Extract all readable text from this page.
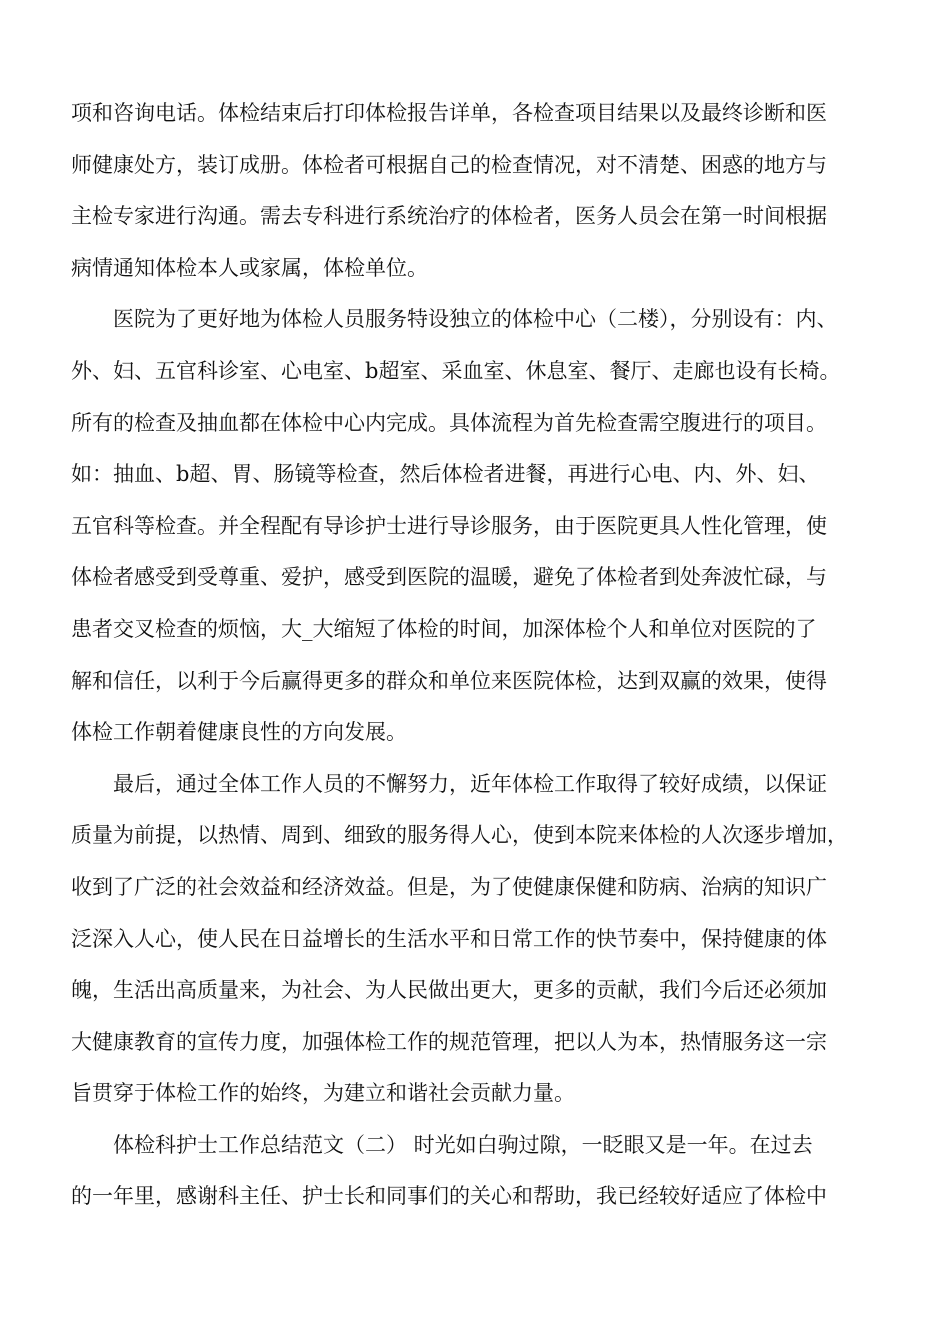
项和咨询电话。体检结束后打印体检报告详单，各检查项目结果以及最终诊断和医
师健康处方，装订成册。体检者可根据自己的检查情况，对不清楚、困惑的地方与
主检专家进行沟通。需去专科进行系统治疗的体检者，医务人员会在第一时间根据
病情通知体检本人或家属，体检单位。
医院为了更好地为体检人员服务特设独立的体检中心（二楼），分别设有：内、
外、妇、五官科诊室、心电室、b超室、采血室、休息室、餐厅、走廊也设有长椅。
所有的检查及抽血都在体检中心内完成。具体流程为首先检查需空腹进行的项目。
如：抽血、b超、胃、肠镜等检查，然后体检者进餐，再进行心电、内、外、妇、
五官科等检查。并全程配有导诊护士进行导诊服务，由于医院更具人性化管理，使
体检者感受到受尊重、爱护，感受到医院的温暖，避免了体检者到处奔波忙碌，与
患者交叉检查的烦恼，大_大缩短了体检的时间，加深体检个人和单位对医院的了
解和信任，以利于今后赢得更多的群众和单位来医院体检，达到双赢的效果，使得
体检工作朝着健康良性的方向发展。
最后，通过全体工作人员的不懈努力，近年体检工作取得了较好成绩，以保证
质量为前提，以热情、周到、细致的服务得人心，使到本院来体检的人次逐步增加，
收到了广泛的社会效益和经济效益。但是，为了使健康保健和防病、治病的知识广
泛深入人心，使人民在日益增长的生活水平和日常工作的快节奏中，保持健康的体
魄，生活出高质量来，为社会、为人民做出更大，更多的贡献，我们今后还必须加
大健康教育的宣传力度，加强体检工作的规范管理，把以人为本，热情服务这一宗
旨贯穿于体检工作的始终，为建立和谐社会贡献力量。
体检科护士工作总结范文（二） 时光如白驹过隙，一眨眼又是一年。在过去
的一年里，感谢科主任、护士长和同事们的关心和帮助，我已经较好适应了体检中
